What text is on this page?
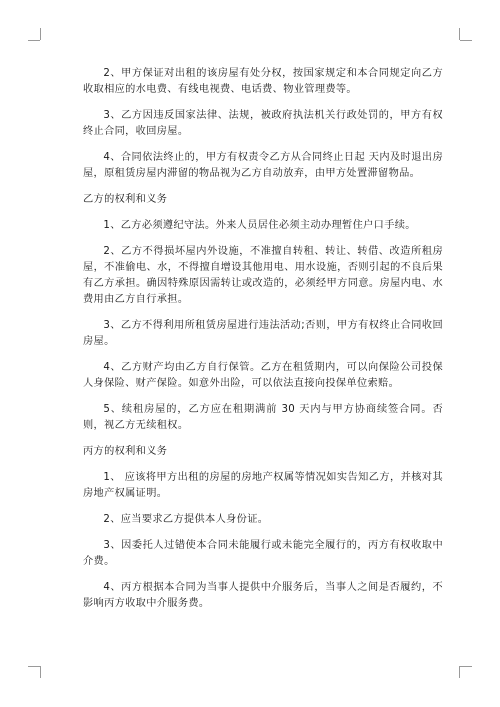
2、甲方保证对出租的该房屋有处分权，按国家规定和本合同规定向乙方收取相应的水电费、有线电视费、电话费、物业管理费等。

3、乙方因违反国家法律、法规，被政府执法机关行政处罚的，甲方有权终止合同，收回房屋。

4、合同依法终止的，甲方有权责令乙方从合同终止日起 天内及时退出房屋，原租赁房屋内滞留的物品视为乙方自动放弃，由甲方处置滞留物品。

乙方的权利和义务

1、乙方必须遵纪守法。外来人员居住必须主动办理暂住户口手续。

2、乙方不得损坏屋内外设施，不准擅自转租、转让、转借、改造所租房屋，不准偷电、水，不得擅自增设其他用电、用水设施，否则引起的不良后果有乙方承担。确因特殊原因需转让或改造的，必须经甲方同意。房屋内电、水费用由乙方自行承担。

3、乙方不得利用所租赁房屋进行违法活动;否则，甲方有权终止合同收回房屋。

4、乙方财产均由乙方自行保管。乙方在租赁期内，可以向保险公司投保人身保险、财产保险。如意外出险，可以依法直接向投保单位索赔。

5、续租房屋的，乙方应在租期满前 30 天内与甲方协商续签合同。否则，视乙方无续租权。

丙方的权利和义务

1、 应该将甲方出租的房屋的房地产权属等情况如实告知乙方，并核对其房地产权属证明。

2、应当要求乙方提供本人身份证。

3、因委托人过错使本合同未能履行或未能完全履行的，丙方有权收取中介费。

4、丙方根据本合同为当事人提供中介服务后，当事人之间是否履约，不影响丙方收取中介服务费。
